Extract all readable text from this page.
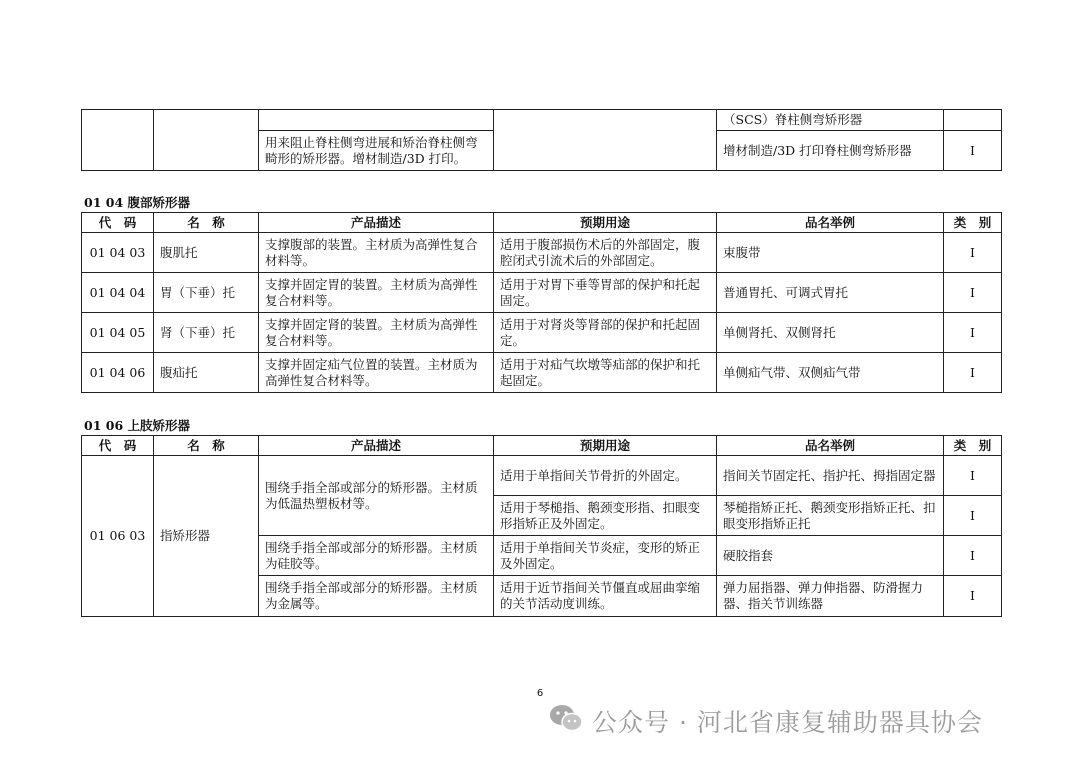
				（SCS）脊柱侧弯矫形器	
		用来阻止脊柱侧弯进展和矫治脊柱侧弯畸形的矫形器。增材制造/3D 打印。		增材制造/3D 打印脊柱侧弯矫形器	I
01 04 腹部矫形器
代　码	名　称	产品描述	预期用途	品名举例	类　别
01 04 03	腹肌托	支撑腹部的装置。主材质为高弹性复合材料等。	适用于腹部损伤术后的外部固定，腹腔闭式引流术后的外部固定。	束腹带	I
01 04 04	胃（下垂）托	支撑并固定胃的装置。主材质为高弹性复合材料等。	适用于对胃下垂等胃部的保护和托起固定。	普通胃托、可调式胃托	I
01 04 05	肾（下垂）托	支撑并固定肾的装置。主材质为高弹性复合材料等。	适用于对肾炎等肾部的保护和托起固定。	单侧肾托、双侧肾托	I
01 04 06	腹疝托	支撑并固定疝气位置的装置。主材质为高弹性复合材料等。	适用于对疝气坎墩等疝部的保护和托起固定。	单侧疝气带、双侧疝气带	I
01 06 上肢矫形器
代　码	名　称	产品描述	预期用途	品名举例	类　别
01 06 03	指矫形器	围绕手指全部或部分的矫形器。主材质为低温热塑板材等。	适用于单指间关节骨折的外固定。	指间关节固定托、指护托、拇指固定器	I
			适用于琴槌指、鹅颈变形指、扣眼变形指矫正及外固定。	琴槌指矫正托、鹅颈变形指矫正托、扣眼变形指矫正托	I
		围绕手指全部或部分的矫形器。主材质为硅胶等。	适用于单指间关节炎症，变形的矫正及外固定。	硬胶指套	I
		围绕手指全部或部分的矫形器。主材质为金属等。	适用于近节指间关节僵直或屈曲挛缩的关节活动度训练。	弹力屈指器、弹力伸指器、防滑握力器、指关节训练器	I
6
公众号 · 河北省康复辅助器具协会
